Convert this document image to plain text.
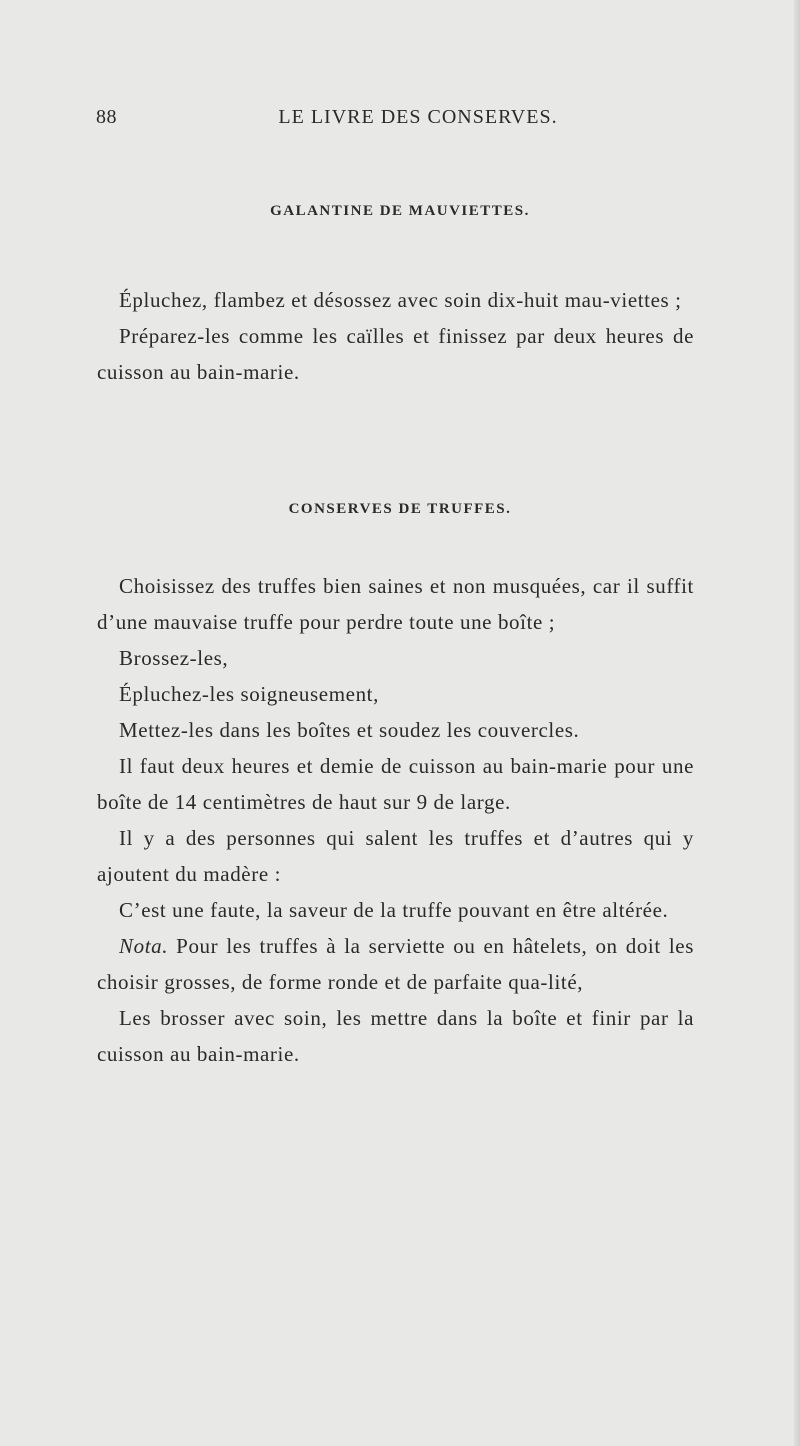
88	LE LIVRE DES CONSERVES.
GALANTINE DE MAUVIETTES.

Épluchez, flambez et désossez avec soin dix-huit mau-viettes ;

Préparez-les comme les caïlles et finissez par deux heures de cuisson au bain-marie.

CONSERVES DE TRUFFES.

Choisissez des truffes bien saines et non musquées, car il suffit d’une mauvaise truffe pour perdre toute une boîte ;

Brossez-les,

Épluchez-les soigneusement,

Mettez-les dans les boîtes et soudez les couvercles.

Il faut deux heures et demie de cuisson au bain-marie pour une boîte de 14 centimètres de haut sur 9 de large.

Il y a des personnes qui salent les truffes et d’autres qui y ajoutent du madère :

C’est une faute, la saveur de la truffe pouvant en être altérée.

Nota. Pour les truffes à la serviette ou en hâtelets, on doit les choisir grosses, de forme ronde et de parfaite qua-lité,

Les brosser avec soin, les mettre dans la boîte et finir par la cuisson au bain-marie.
